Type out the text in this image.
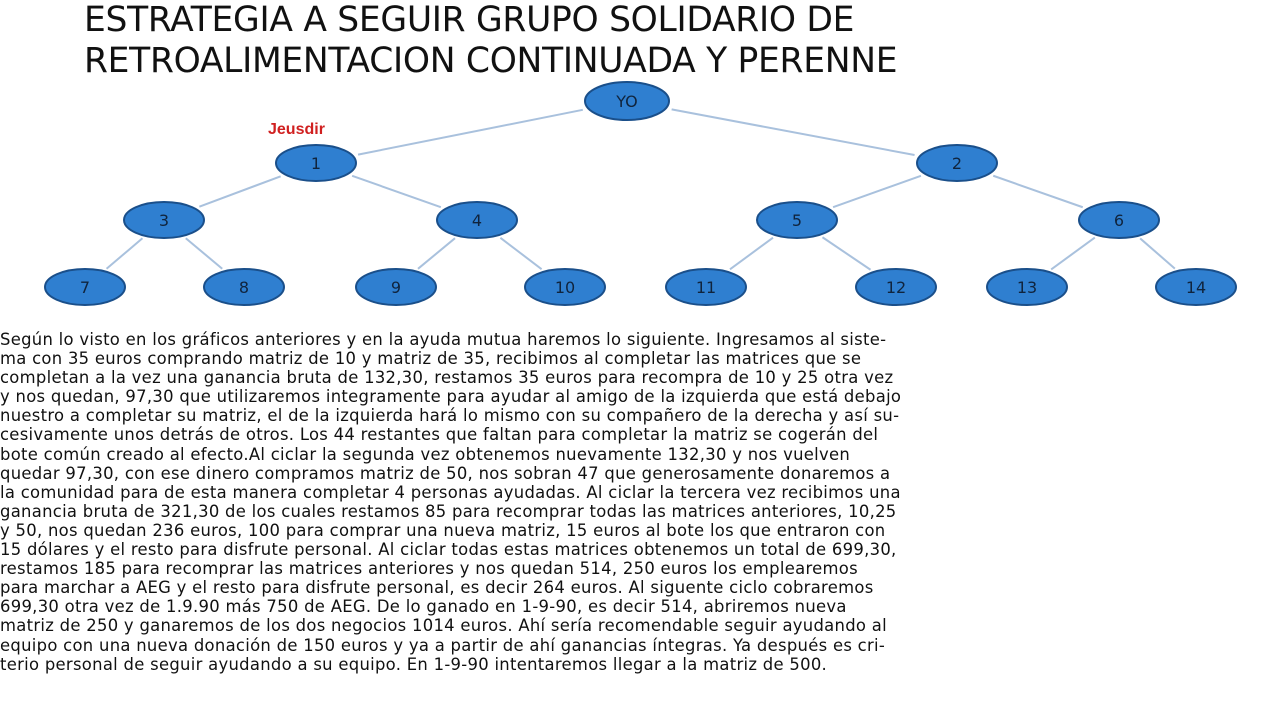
ESTRATEGIA A SEGUIR GRUPO SOLIDARIO DE
RETROALIMENTACION CONTINUADA Y PERENNE
YO
1	2
3	4	5	6
7	8	9	10	11	12	13	14
Jeusdir
Según lo visto en los gráficos anteriores y en la ayuda mutua haremos lo siguiente. Ingresamos al siste-
ma con 35 euros comprando matriz de 10 y matriz de 35, recibimos al completar las matrices que se
completan a la vez una ganancia bruta de 132,30, restamos 35 euros para recompra de 10 y 25 otra vez
y nos quedan, 97,30 que utilizaremos integramente para ayudar al amigo de la izquierda que está debajo
nuestro a completar su matriz, el de la izquierda hará lo mismo con su compañero de la derecha y así su-
cesivamente unos detrás de otros. Los 44 restantes que faltan para completar la matriz se cogerán del
bote común creado al efecto.Al ciclar la segunda vez obtenemos nuevamente 132,30 y nos vuelven
quedar 97,30, con ese dinero compramos matriz de 50, nos sobran 47 que generosamente donaremos a
la comunidad para de esta manera completar 4 personas ayudadas. Al ciclar la tercera vez recibimos una
ganancia bruta de 321,30 de los cuales restamos 85 para recomprar todas las matrices anteriores, 10,25
y 50, nos quedan 236 euros, 100 para comprar una nueva matriz, 15 euros al bote los que entraron con
15 dólares y el resto para disfrute personal. Al ciclar todas estas matrices obtenemos un total de 699,30,
restamos 185 para recomprar las matrices anteriores y nos quedan 514, 250 euros los emplearemos
para marchar a AEG y el resto para disfrute personal, es decir 264 euros. Al siguente ciclo cobraremos
699,30 otra vez de 1.9.90 más 750 de AEG. De lo ganado en 1-9-90, es decir 514, abriremos nueva
matriz de 250 y ganaremos de los dos negocios 1014 euros. Ahí sería recomendable seguir ayudando al
equipo con una nueva donación de 150 euros y ya a partir de ahí ganancias íntegras. Ya después es cri-
terio personal de seguir ayudando a su equipo. En 1-9-90 intentaremos llegar a la matriz de 500.
